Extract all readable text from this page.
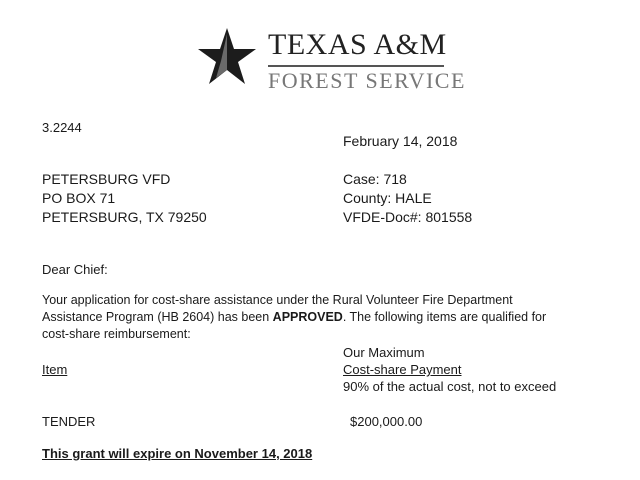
TEXAS A&M
FOREST SERVICE
3.2244
February 14, 2018
PETERSBURG VFD
PO BOX 71
PETERSBURG, TX 79250
Case: 718
County: HALE
VFDE-Doc#: 801558
Dear Chief:
Your application for cost-share assistance under the Rural Volunteer Fire Department
Assistance Program (HB 2604) has been APPROVED. The following items are qualified for
cost-share reimbursement:
Our Maximum
Item	Cost-share Payment
90% of the actual cost, not to exceed
TENDER	$200,000.00
This grant will expire on November 14, 2018
